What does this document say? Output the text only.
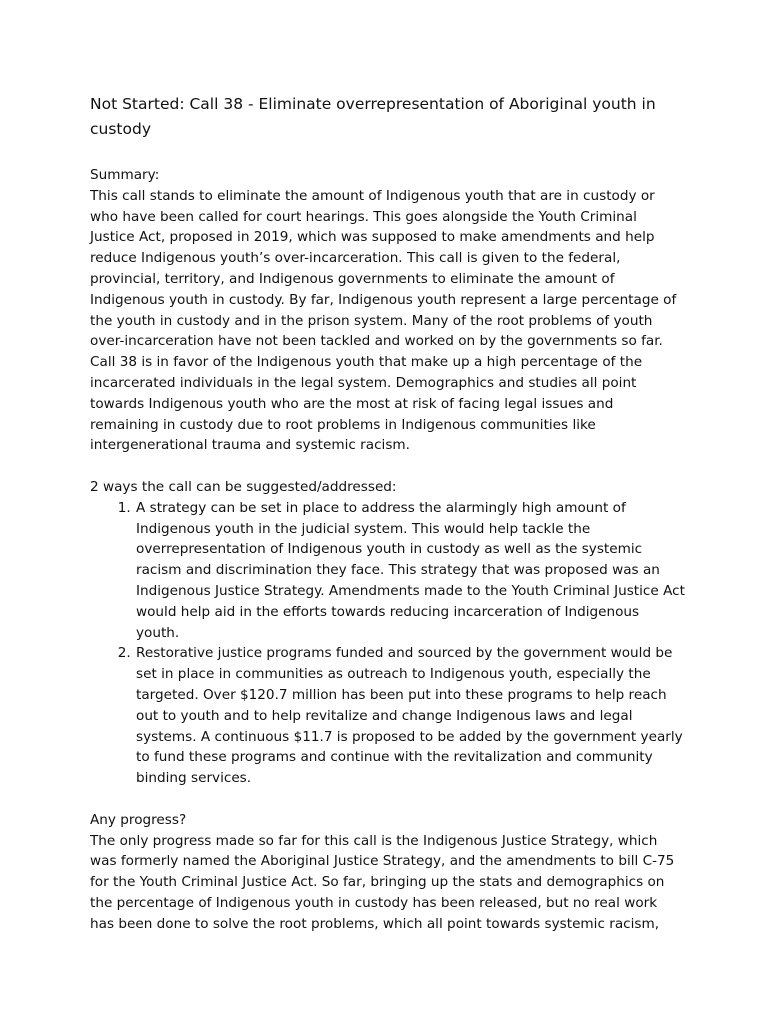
Not Started: Call 38 - Eliminate overrepresentation of Aboriginal youth in custody

Summary:

This call stands to eliminate the amount of Indigenous youth that are in custody or who have been called for court hearings. This goes alongside the Youth Criminal Justice Act, proposed in 2019, which was supposed to make amendments and help reduce Indigenous youth’s over-incarceration. This call is given to the federal, provincial, territory, and Indigenous governments to eliminate the amount of Indigenous youth in custody. By far, Indigenous youth represent a large percentage of the youth in custody and in the prison system. Many of the root problems of youth over-incarceration have not been tackled and worked on by the governments so far. Call 38 is in favor of the Indigenous youth that make up a high percentage of the incarcerated individuals in the legal system. Demographics and studies all point towards Indigenous youth who are the most at risk of facing legal issues and remaining in custody due to root problems in Indigenous communities like intergenerational trauma and systemic racism.

2 ways the call can be suggested/addressed:

1. A strategy can be set in place to address the alarmingly high amount of Indigenous youth in the judicial system. This would help tackle the overrepresentation of Indigenous youth in custody as well as the systemic racism and discrimination they face. This strategy that was proposed was an Indigenous Justice Strategy. Amendments made to the Youth Criminal Justice Act would help aid in the efforts towards reducing incarceration of Indigenous youth.
2. Restorative justice programs funded and sourced by the government would be set in place in communities as outreach to Indigenous youth, especially the targeted. Over $120.7 million has been put into these programs to help reach out to youth and to help revitalize and change Indigenous laws and legal systems. A continuous $11.7 is proposed to be added by the government yearly to fund these programs and continue with the revitalization and community binding services.

Any progress?

The only progress made so far for this call is the Indigenous Justice Strategy, which was formerly named the Aboriginal Justice Strategy, and the amendments to bill C-75 for the Youth Criminal Justice Act. So far, bringing up the stats and demographics on the percentage of Indigenous youth in custody has been released, but no real work has been done to solve the root problems, which all point towards systemic racism,
